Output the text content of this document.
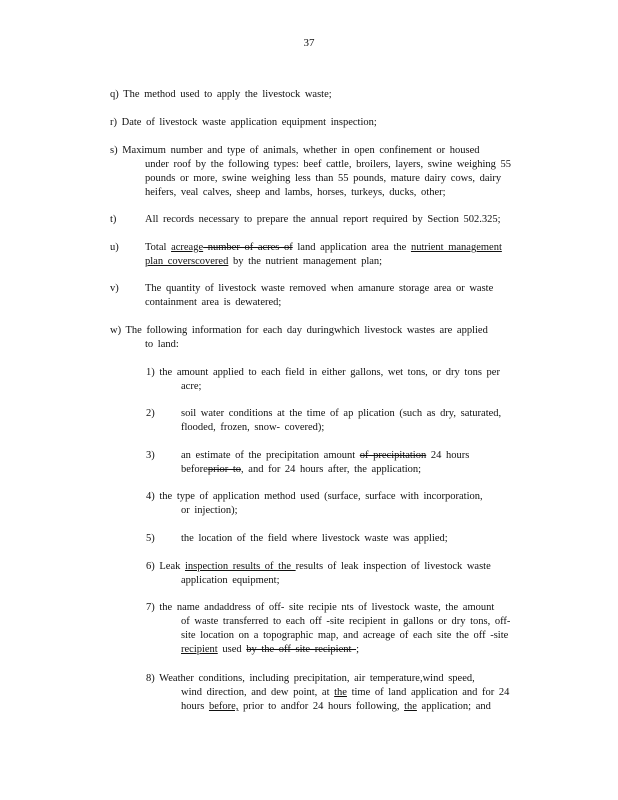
37
q) The method used to apply the livestock waste;
r) Date of livestock waste application equipment inspection;
s) Maximum number and type of animals, whether in open confinement or housed
under roof by the following types: beef cattle, broilers, layers, swine weighing 55
pounds or more, swine weighing less than 55 pounds, mature dairy cows, dairy
heifers, veal calves, sheep and lambs, horses, turkeys, ducks, other;
t)	All records necessary to prepare the annual report required by Section 502.325;
u)	Total acreage number of acres of land application area the nutrient management
plan coverscovered by the nutrient management plan;
v)	The quantity of livestock waste removed when amanure storage area or waste
containment area is dewatered;
w) The following information for each day duringwhich livestock wastes are applied
to land:
1) the amount applied to each field in either gallons, wet tons, or dry tons per
acre;
2)	soil water conditions at the time of ap plication (such as dry, saturated,
flooded, frozen, snow- covered);
3)	an estimate of the precipitation amount of precipitation 24 hours
beforeprior to, and for 24 hours after, the application;
4) the type of application method used (surface, surface with incorporation,
or injection);
5)	the location of the field where livestock waste was applied;
6) Leak inspection results of the results of leak inspection of livestock waste
application equipment;
7) the name andaddress of off- site recipie nts of livestock waste, the amount
of waste transferred to each off -site recipient in gallons or dry tons, off-
site location on a topographic map, and acreage of each site the off -site
recipient used by the off site recipient ;
8) Weather conditions, including precipitation, air temperature,wind speed,
wind direction, and dew point, at the time of land application and for 24
hours before, prior to andfor 24 hours following, the application; and
